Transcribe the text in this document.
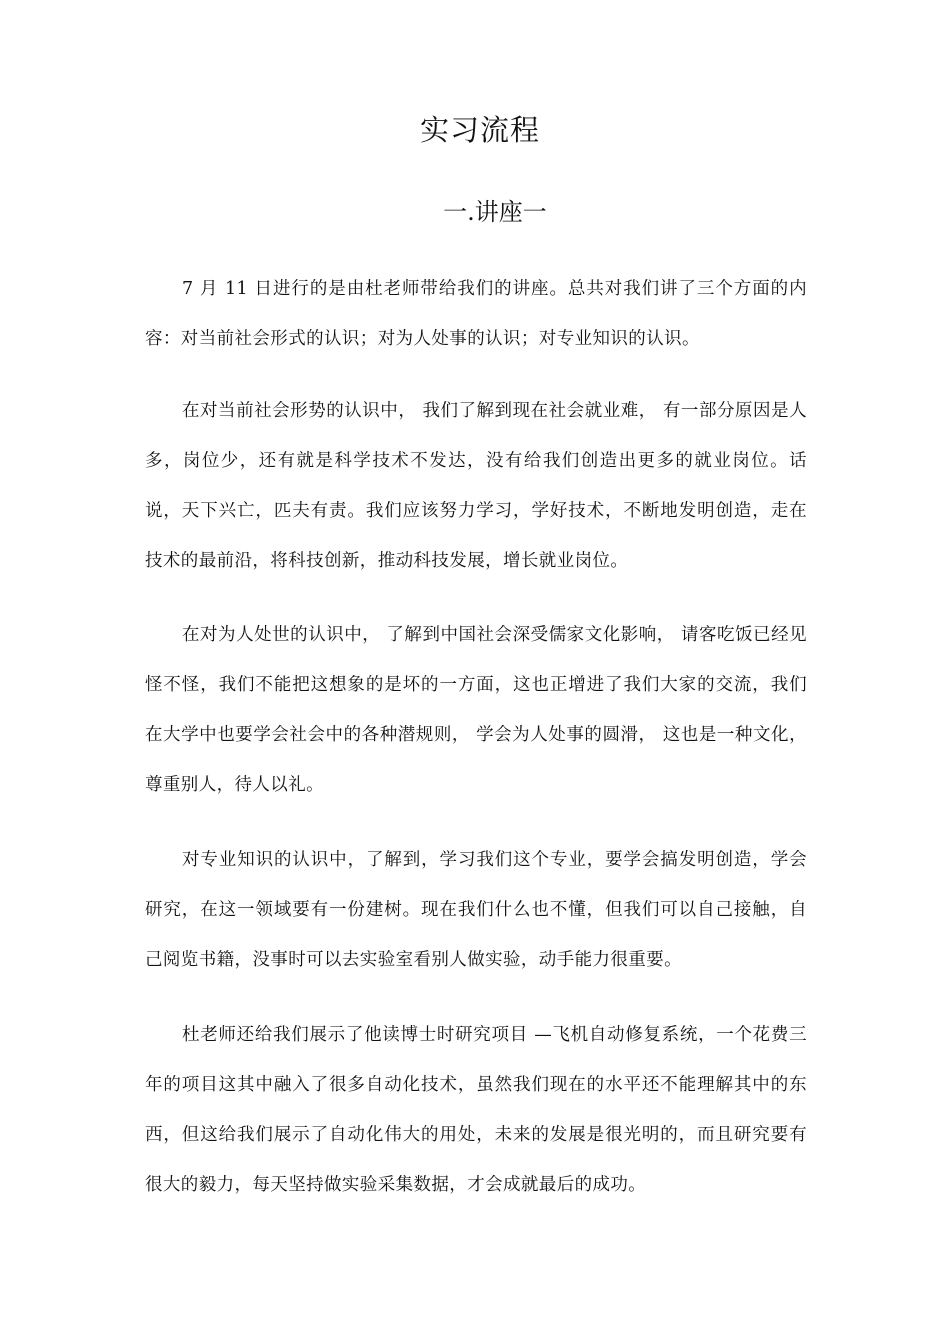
实习流程
一.讲座一

7 月 11 日进行的是由杜老师带给我们的讲座。总共对我们讲了三个方面的内容：对当前社会形式的认识；对为人处事的认识；对专业知识的认识。

在对当前社会形势的认识中， 我们了解到现在社会就业难， 有一部分原因是人多，岗位少，还有就是科学技术不发达，没有给我们创造出更多的就业岗位。话说，天下兴亡，匹夫有责。我们应该努力学习，学好技术，不断地发明创造，走在技术的最前沿，将科技创新，推动科技发展，增长就业岗位。

在对为人处世的认识中， 了解到中国社会深受儒家文化影响， 请客吃饭已经见怪不怪，我们不能把这想象的是坏的一方面，这也正增进了我们大家的交流，我们在大学中也要学会社会中的各种潜规则， 学会为人处事的圆滑， 这也是一种文化，尊重别人，待人以礼。

对专业知识的认识中，了解到，学习我们这个专业，要学会搞发明创造，学会研究，在这一领域要有一份建树。现在我们什么也不懂，但我们可以自己接触，自己阅览书籍，没事时可以去实验室看别人做实验，动手能力很重要。

杜老师还给我们展示了他读博士时研究项目 —飞机自动修复系统，一个花费三年的项目这其中融入了很多自动化技术，虽然我们现在的水平还不能理解其中的东西，但这给我们展示了自动化伟大的用处，未来的发展是很光明的，而且研究要有很大的毅力，每天坚持做实验采集数据，才会成就最后的成功。
